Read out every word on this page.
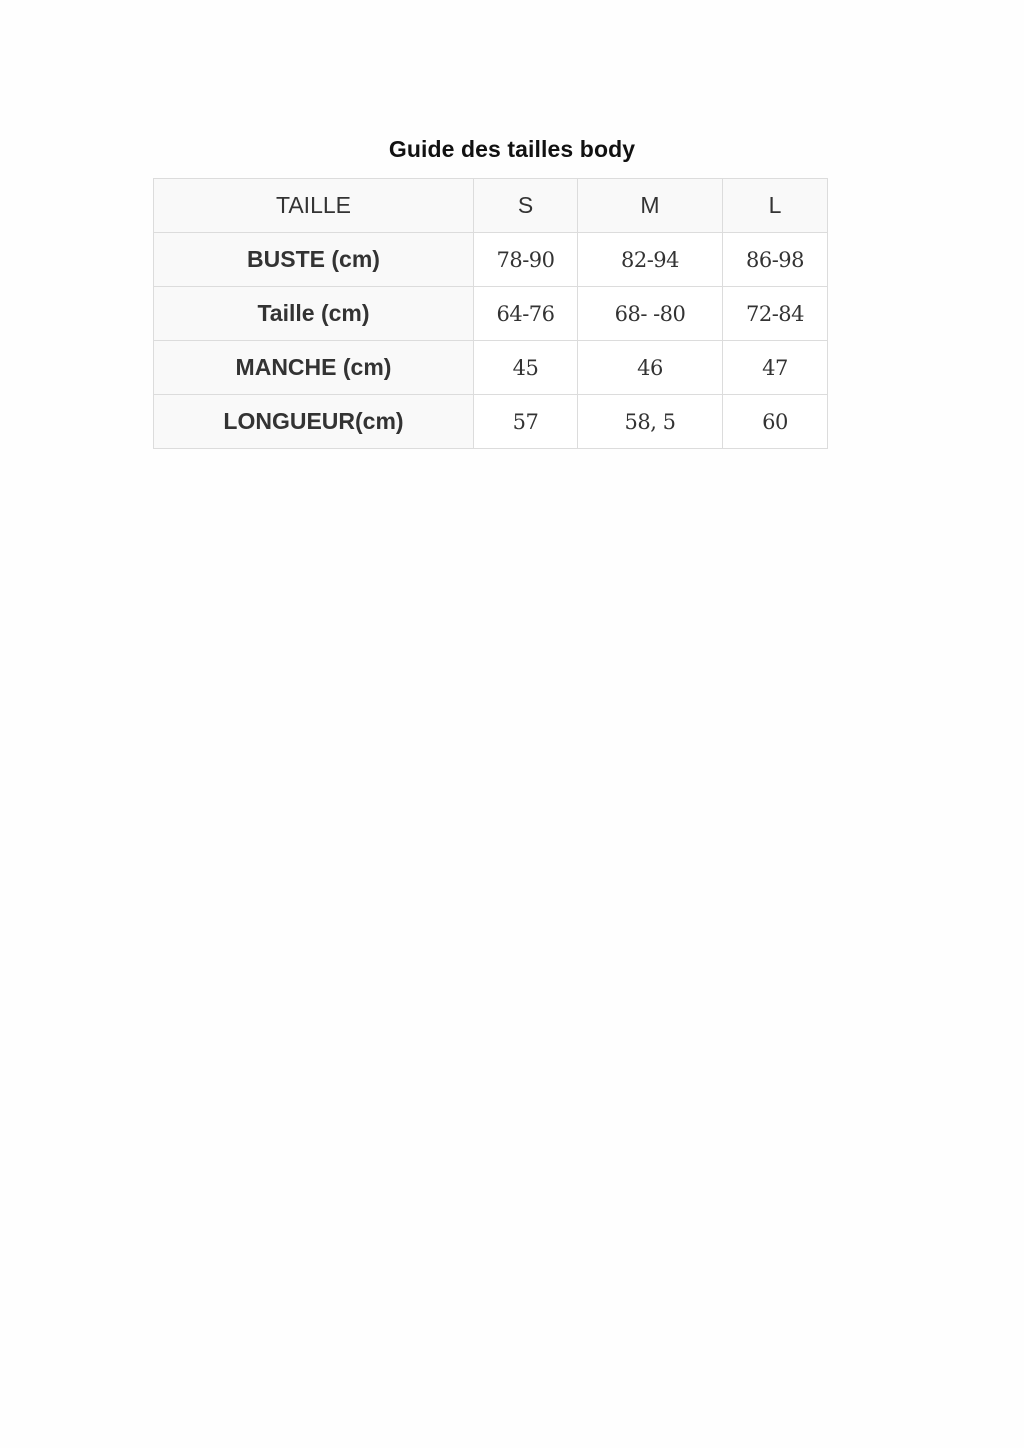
Guide des tailles body
TAILLE	S	M	L
BUSTE (cm)	78-90	82-94	86-98
Taille (cm)	64-76	68- -80	72-84
MANCHE (cm)	45	46	47
LONGUEUR(cm)	57	58, 5	60
